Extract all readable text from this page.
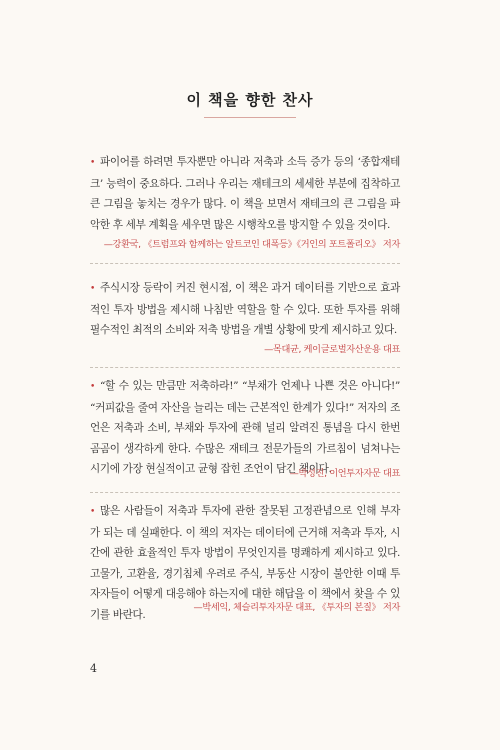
이 책을 향한 찬사
• 파이어를 하려면 투자뿐만 아니라 저축과 소득 증가 등의 ‘종합재테크’ 능력이 중요하다. 그러나 우리는 재테크의 세세한 부분에 집착하고 큰 그림을 놓치는 경우가 많다. 이 책을 보면서 재테크의 큰 그림을 파악한 후 세부 계획을 세우면 많은 시행착오를 방지할 수 있을 것이다.
—강환국, 《트럼프와 함께하는 알트코인 대폭등》《거인의 포트폴리오》 저자
• 주식시장 등락이 커진 현시점, 이 책은 과거 데이터를 기반으로 효과적인 투자 방법을 제시해 나침반 역할을 할 수 있다. 또한 투자를 위해 필수적인 최적의 소비와 저축 방법을 개별 상황에 맞게 제시하고 있다.
—목대균, 케이글로벌자산운용 대표
• “할 수 있는 만큼만 저축하라!” “부채가 언제나 나쁜 것은 아니다!” “커피값을 줄여 자산을 늘리는 데는 근본적인 한계가 있다!” 저자의 조언은 저축과 소비, 부채와 투자에 관해 널리 알려진 통념을 다시 한번 곰곰이 생각하게 한다. 수많은 재테크 전문가들의 가르침이 넘쳐나는 시기에 가장 현실적이고 균형 잡힌 조언이 담긴 책이다.
—박성진, 이언투자자문 대표
• 많은 사람들이 저축과 투자에 관한 잘못된 고정관념으로 인해 부자가 되는 데 실패한다. 이 책의 저자는 데이터에 근거해 저축과 투자, 시간에 관한 효율적인 투자 방법이 무엇인지를 명쾌하게 제시하고 있다. 고물가, 고환율, 경기침체 우려로 주식, 부동산 시장이 불안한 이때 투자자들이 어떻게 대응해야 하는지에 대한 해답을 이 책에서 찾을 수 있기를 바란다.
—박세익, 체슬리투자자문 대표, 《투자의 본질》 저자
4
